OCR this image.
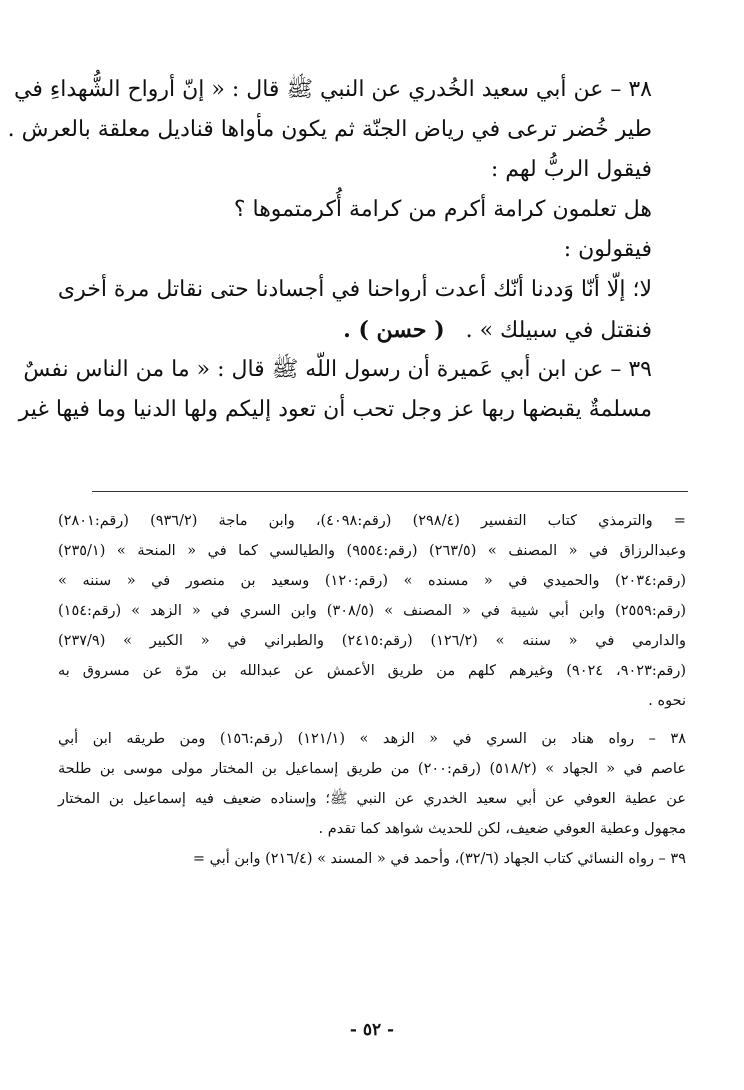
٣٨ – عن أبي سعيد الخُدري عن النبي ﷺ قال : « إنّ أرواح الشُّهداءِ في
طير خُضر ترعى في رياض الجنّة ثم يكون مأواها قناديل معلقة بالعرش .
فيقول الربُّ لهم :
هل تعلمون كرامة أكرم من كرامة أُكرمتموها ؟
فيقولون :
لا؛ إلّا أنّا وَددنا أنّك أعدت أرواحنا في أجسادنا حتى نقاتل مرة أخرى
فنقتل في سبيلك » .   ( حسن ) .
٣٩ – عن ابن أبي عَميرة أن رسول اللّه ﷺ قال : « ما من الناس نفسٌ
مسلمةٌ يقبضها ربها عز وجل تحب أن تعود إليكم ولها الدنيا وما فيها غير
= والترمذي كتاب التفسير (٢٩٨/٤) (رقم:٤٠٩٨)، وابن ماجة (٩٣٦/٢) (رقم:٢٨٠١)
وعبدالرزاق في « المصنف » (٢٦٣/٥) (رقم:٩٥٥٤) والطيالسي كما في « المنحة » (٢٣٥/١)
(رقم:٢٠٣٤) والحميدي في « مسنده » (رقم:١٢٠) وسعيد بن منصور في « سننه »
(رقم:٢٥٥٩) وابن أبي شيبة في « المصنف » (٣٠٨/٥) وابن السري في « الزهد » (رقم:١٥٤)
والدارمي في « سننه » (١٢٦/٢) (رقم:٢٤١٥) والطبراني في « الكبير » (٢٣٧/٩)
(رقم:٩٠٢٣، ٩٠٢٤) وغيرهم كلهم من طريق الأعمش عن عبدالله بن مرّة عن مسروق به
نحوه .
٣٨ – رواه هناد بن السري في « الزهد » (١٢١/١) (رقم:١٥٦) ومن طريقه ابن أبي
عاصم في « الجهاد » (٥١٨/٢) (رقم:٢٠٠) من طريق إسماعيل بن المختار مولى موسى بن طلحة
عن عطية العوفي عن أبي سعيد الخدري عن النبي ﷺ؛ وإسناده ضعيف فيه إسماعيل بن المختار
مجهول وعطية العوفي ضعيف، لكن للحديث شواهد كما تقدم .
٣٩ – رواه النسائي كتاب الجهاد (٣٢/٦)، وأحمد في « المسند » (٢١٦/٤) وابن أبي =
- ٥٢ -
